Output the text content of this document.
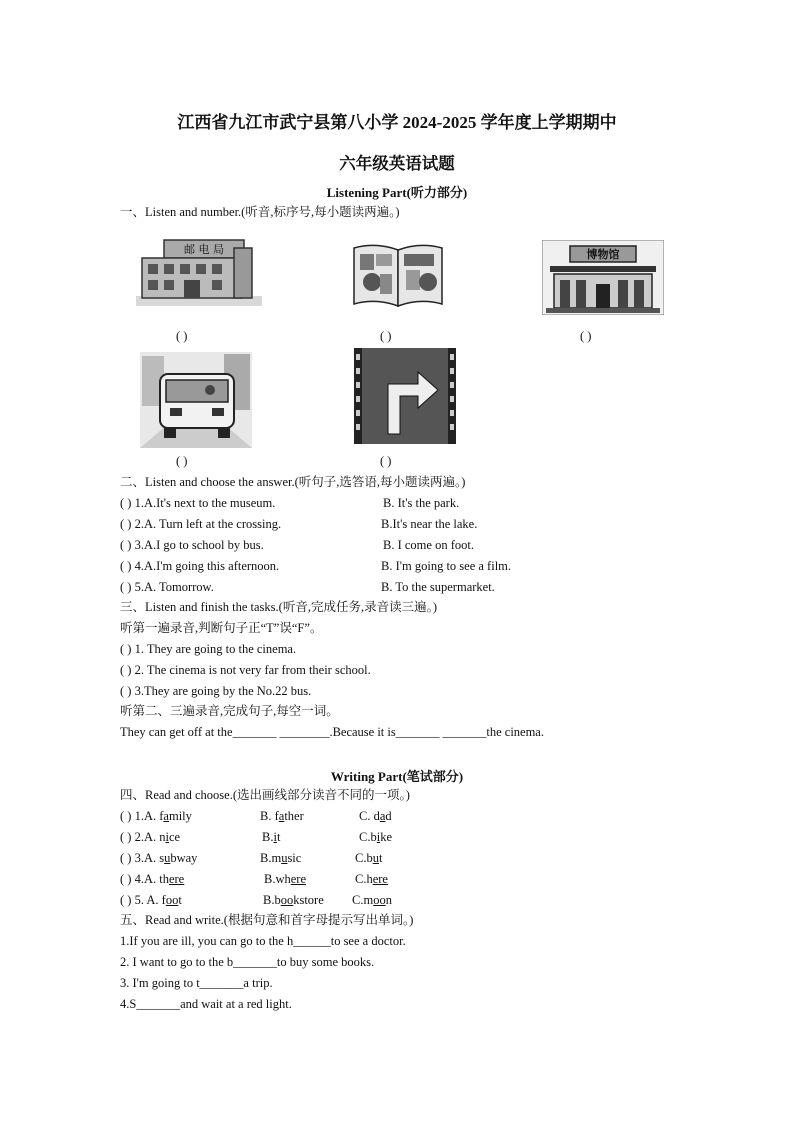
江西省九江市武宁县第八小学 2024-2025 学年度上学期期中
六年级英语试题
Listening Part(听力部分)
一、Listen and number.(听音,标序号,每小题读两遍。)
邮 电 局	博物馆
( )	( )	( )
( )	( )
二、Listen and choose the answer.(听句子,选答语,每小题读两遍。)
( ) 1.A.It's next to the museum.	B. It's the park.
( ) 2.A. Turn left at the crossing.	B.It's near the lake.
( ) 3.A.I go to school by bus.	B. I come on foot.
( ) 4.A.I'm going this afternoon.	B. I'm going to see a film.
( ) 5.A. Tomorrow.	B. To the supermarket.
三、Listen and finish the tasks.(听音,完成任务,录音读三遍。)
听第一遍录音,判断句子正“T”误“F”。
( ) 1. They are going to the cinema.
( ) 2. The cinema is not very far from their school.
( ) 3.They are going by the No.22 bus.
听第二、三遍录音,完成句子,每空一词。
They can get off at the_______ ________.Because it is_______ _______the cinema.
Writing Part(笔试部分)
四、Read and choose.(选出画线部分读音不同的一项。)
( ) 1.A. family	B. father	C. dad
( ) 2.A. nice	B.it	C.bike
( ) 3.A. subway	B.music	C.but
( ) 4.A. there	B.where	C.here
( ) 5. A. foot	B.bookstore C.moon
五、Read and write.(根据句意和首字母提示写出单词。)
1.If you are ill, you can go to the h______to see a doctor.
2. I want to go to the b_______to buy some books.
3. I'm going to t_______a trip.
4.S_______and wait at a red light.
